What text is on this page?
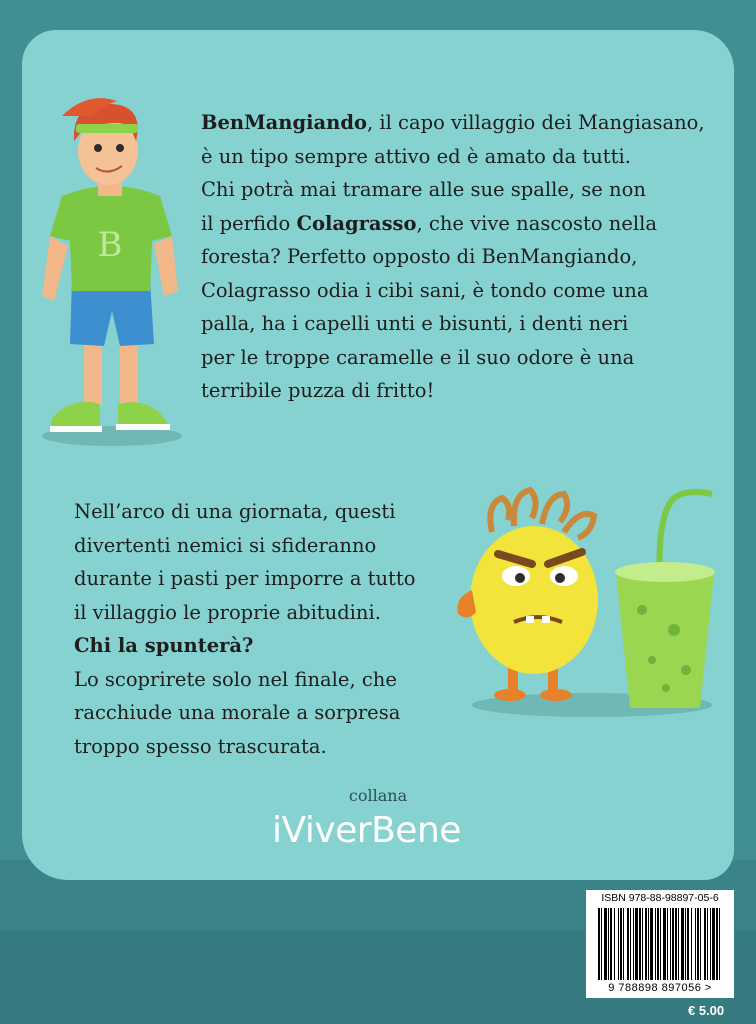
B
BenMangiando, il capo villaggio dei Mangiasano,
è un tipo sempre attivo ed è amato da tutti.
Chi potrà mai tramare alle sue spalle, se non
il perfido Colagrasso, che vive nascosto nella
foresta? Perfetto opposto di BenMangiando,
Colagrasso odia i cibi sani, è tondo come una
palla, ha i capelli unti e bisunti, i denti neri
per le troppe caramelle e il suo odore è una
terribile puzza di fritto!
Nell’arco di una giornata, questi
divertenti nemici si sfideranno
durante i pasti per imporre a tutto
il villaggio le proprie abitudini.
Chi la spunterà?
Lo scoprirete solo nel finale, che
racchiude una morale a sorpresa
troppo spesso trascurata.
collana
iViverBene
ISBN 978-88-98897-05-6
9 788898 897056 >
€ 5.00
